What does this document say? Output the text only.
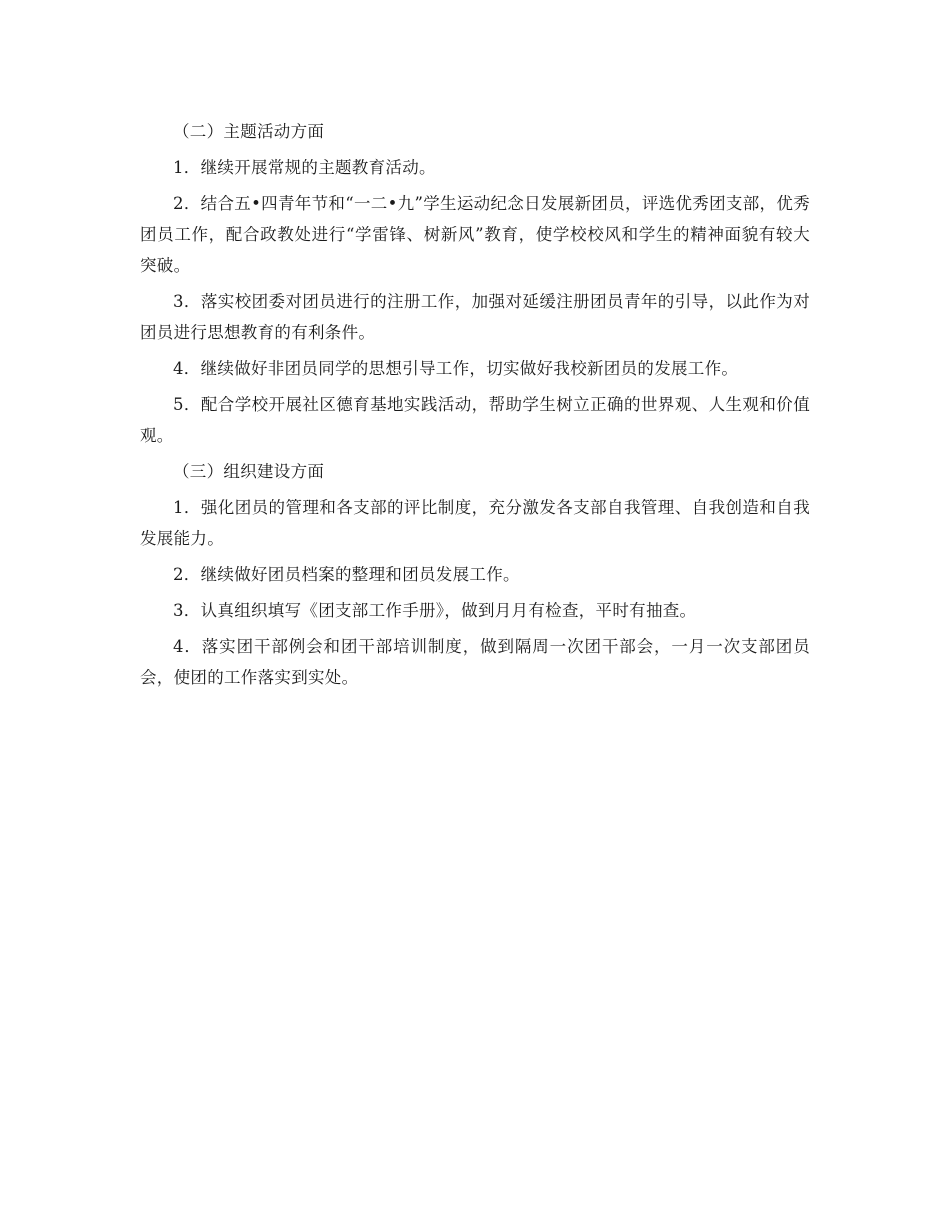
（二）主题活动方面

1．继续开展常规的主题教育活动。

2．结合五•四青年节和“一二•九”学生运动纪念日发展新团员，评选优秀团支部，优秀团员工作，配合政教处进行“学雷锋、树新风”教育，使学校校风和学生的精神面貌有较大突破。

3．落实校团委对团员进行的注册工作，加强对延缓注册团员青年的引导，以此作为对团员进行思想教育的有利条件。

4．继续做好非团员同学的思想引导工作，切实做好我校新团员的发展工作。

5．配合学校开展社区德育基地实践活动，帮助学生树立正确的世界观、人生观和价值观。

（三）组织建设方面

1．强化团员的管理和各支部的评比制度，充分激发各支部自我管理、自我创造和自我发展能力。

2．继续做好团员档案的整理和团员发展工作。

3．认真组织填写《团支部工作手册》，做到月月有检查，平时有抽查。

4．落实团干部例会和团干部培训制度，做到隔周一次团干部会，一月一次支部团员会，使团的工作落实到实处。
